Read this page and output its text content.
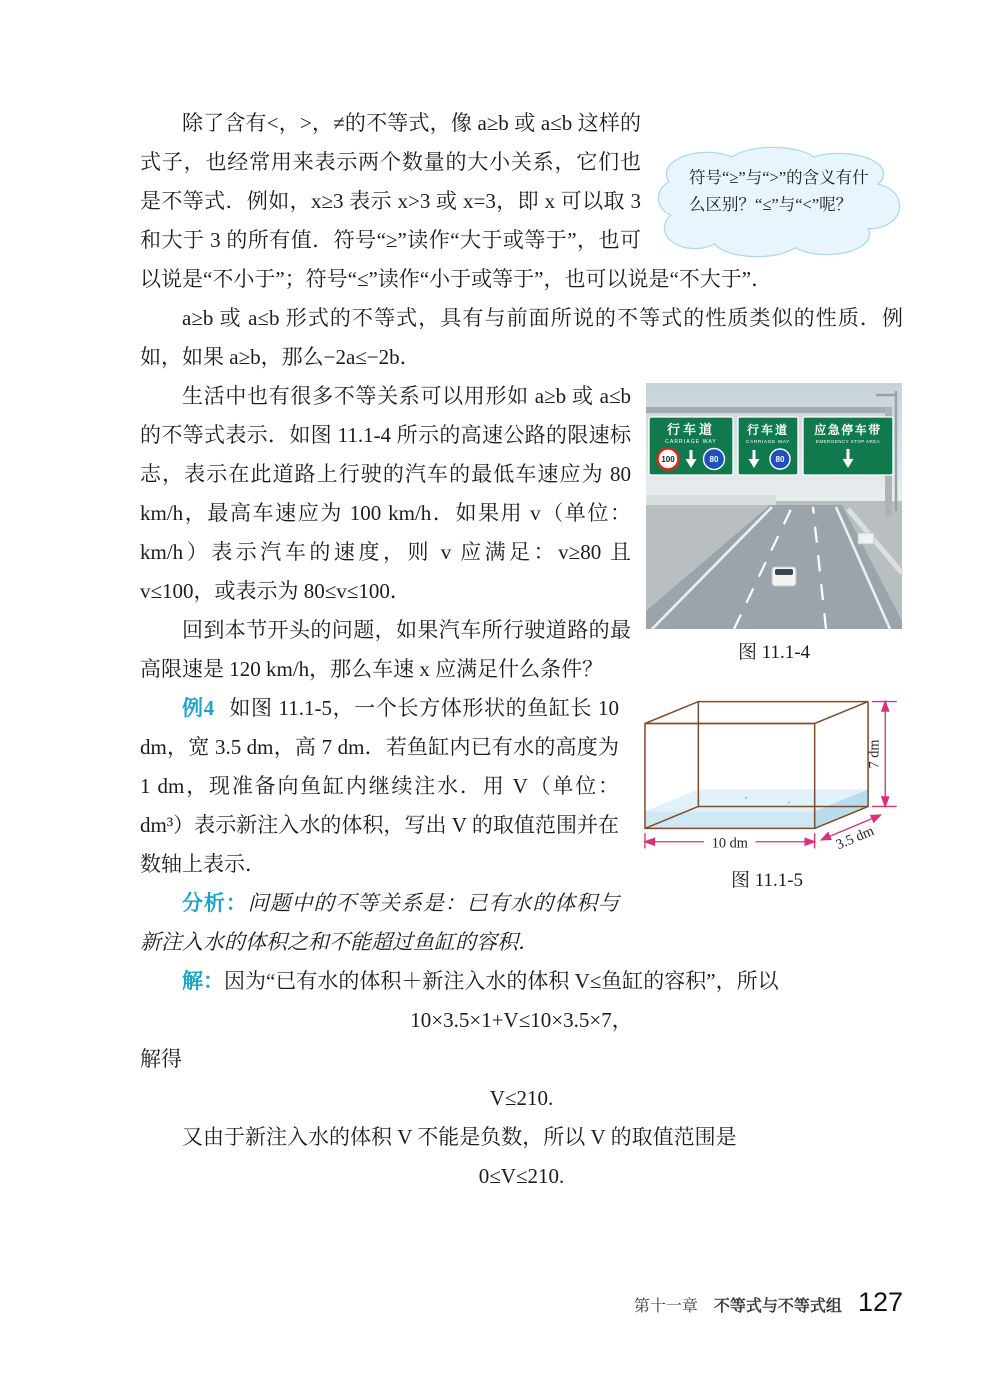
符号“≥”与“>”的含义有什么区别？“≤”与“<”呢？
除了含有<，>，≠的不等式，像 a≥b 或 a≤b 这样的式子，也经常用来表示两个数量的大小关系，它们也是不等式．例如，x≥3 表示 x>3 或 x=3，即 x 可以取 3 和大于 3 的所有值．符号“≥”读作“大于或等于”，也可以说是“不小于”；符号“≤”读作“小于或等于”，也可以说是“不大于”．

a≥b 或 a≤b 形式的不等式，具有与前面所说的不等式的性质类似的性质．例如，如果 a≥b，那么−2a≤−2b．

行车道
CARRIAGE WAY
100	80
行车道
CARRIAGE WAY
80
应急停车带
EMERGENCY STOP AREA
图 11.1-4
生活中也有很多不等关系可以用形如 a≥b 或 a≤b 的不等式表示．如图 11.1-4 所示的高速公路的限速标志，表示在此道路上行驶的汽车的最低车速应为 80 km/h，最高车速应为 100 km/h．如果用 v（单位：km/h）表示汽车的速度，则 v 应满足：v≥80 且 v≤100，或表示为 80≤v≤100．

回到本节开头的问题，如果汽车所行驶道路的最高限速是 120 km/h，那么车速 x 应满足什么条件？

10 dm	3.5 dm
7 dm
图 11.1-5
例4 如图 11.1-5，一个长方体形状的鱼缸长 10 dm，宽 3.5 dm，高 7 dm．若鱼缸内已有水的高度为 1 dm，现准备向鱼缸内继续注水．用 V（单位：dm³）表示新注入水的体积，写出 V 的取值范围并在数轴上表示．

分析：问题中的不等关系是：已有水的体积与新注入水的体积之和不能超过鱼缸的容积．

解：因为“已有水的体积＋新注入水的体积 V≤鱼缸的容积”，所以

10×3.5×1+V≤10×3.5×7，

解得

V≤210.

又由于新注入水的体积 V 不能是负数，所以 V 的取值范围是

0≤V≤210.

第十一章 不等式与不等式组 127
